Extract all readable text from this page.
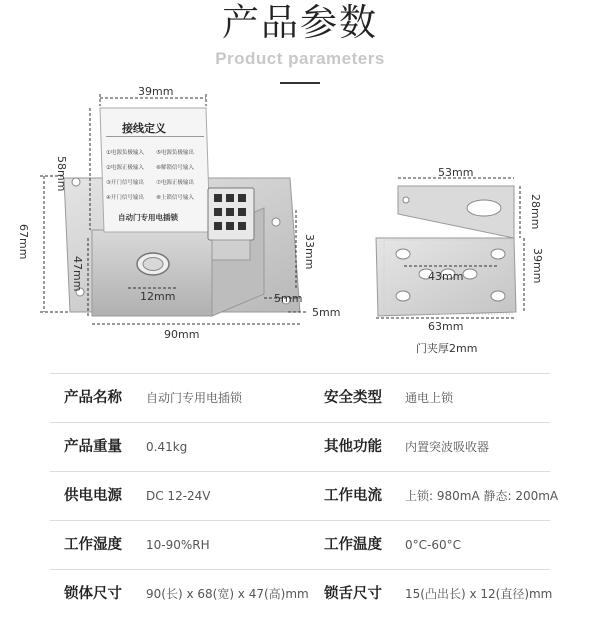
产品参数
Product parameters
接线定义
①电源负极输入
②电源正极输入
③开门信号输出
④开门信号输出
⑤电源负极输出
⑥解锁信号输入
⑦电源正极输出
⑧上锁信号输入
自动门专用电插锁
39mm
58mm
67mm
47mm
12mm
33mm
5mm
5mm
90mm
53mm
28mm
39mm
43mm
63mm
门夹厚2mm
产品名称 自动门专用电插锁	安全类型 通电上锁
产品重量 0.41kg	其他功能 内置突波吸收器
供电电源 DC 12-24V	工作电流 上锁: 980mA 静态: 200mA
工作湿度 10-90%RH	工作温度 0°C-60°C
锁体尺寸 90(长) x 68(宽) x 47(高)mm 锁舌尺寸 15(凸出长) x 12(直径)mm
